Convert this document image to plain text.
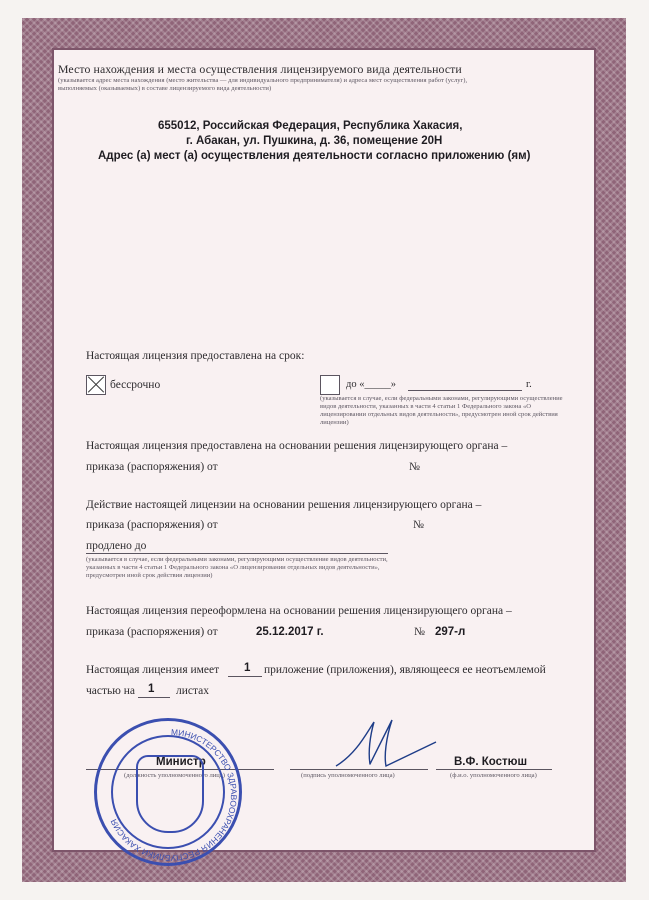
Место нахождения и места осуществления лицензируемого вида деятельности
(указывается адрес места нахождения (место жительства — для индивидуального предпринимателя) и адреса мест осуществления работ (услуг),
выполняемых (оказываемых) в составе лицензируемого вида деятельности)
655012, Российская Федерация, Республика Хакасия,
г. Абакан, ул. Пушкина, д. 36, помещение 20Н
Адрес (а) мест (а) осуществления деятельности согласно приложению (ям)
Настоящая лицензия предоставлена на срок:
бессрочно	до «_____»	г.
(указывается в случае, если федеральными законами, регулирующими осуществление видов деятельности, указанных в части 4 статьи 1 Федерального закона «О лицензировании отдельных видов деятельности», предусмотрен иной срок действия лицензии)
Настоящая лицензия предоставлена на основании решения лицензирующего органа –
приказа (распоряжения) от	№
Действие настоящей лицензии на основании решения лицензирующего органа –
приказа (распоряжения) от	№
продлено до
(указывается в случае, если федеральными законами, регулирующими осуществление видов деятельности, указанных в части 4 статьи 1 Федерального закона «О лицензировании отдельных видов деятельности», предусмотрен иной срок действия лицензии)
Настоящая лицензия переоформлена на основании решения лицензирующего органа –
приказа (распоряжения) от	25.12.2017 г.	№ 297-л
Настоящая лицензия имеет 1 приложение (приложения), являющееся ее неотъемлемой
частью на 1 листах
Министр
(должность уполномоченного лица)	(подпись уполномоченного лица)
В.Ф. Костюш
(ф.и.о. уполномоченного лица)
МИНИСТЕРСТВО ЗДРАВООХРАНЕНИЯ РЕСПУБЛИКИ ХАКАСИЯ
